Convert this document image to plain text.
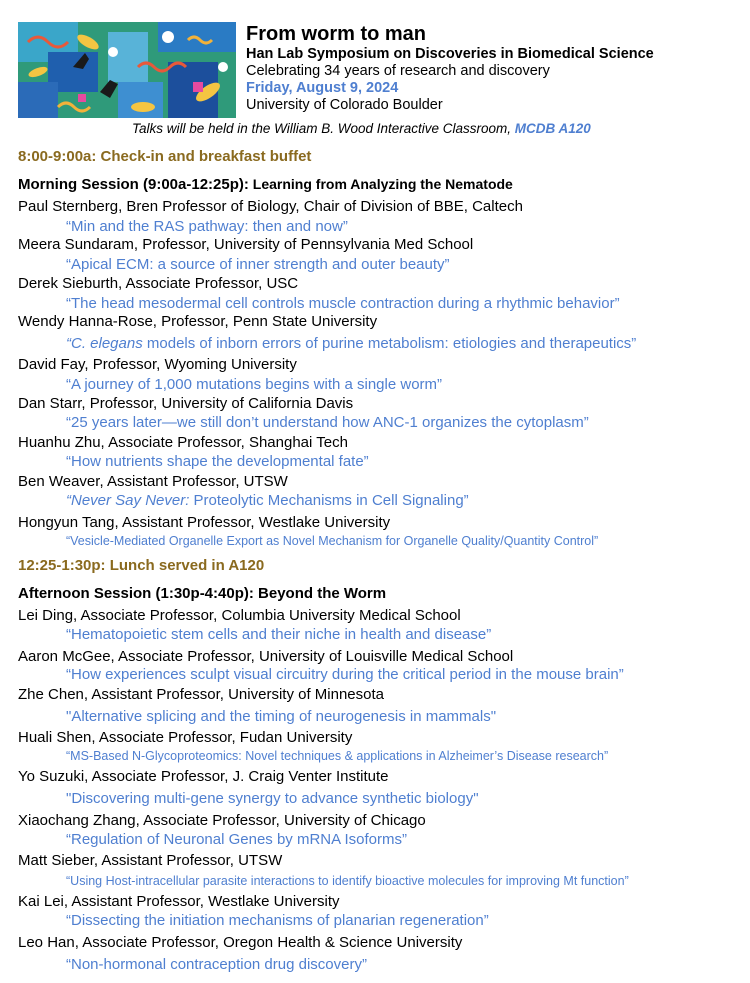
From worm to man
Han Lab Symposium on Discoveries in Biomedical Science
Celebrating 34 years of research and discovery
Friday, August 9, 2024
University of Colorado Boulder
Talks will be held in the William B. Wood Interactive Classroom, MCDB A120
8:00-9:00a: Check-in and breakfast buffet
Morning Session (9:00a-12:25p): Learning from Analyzing the Nematode
Paul Sternberg, Bren Professor of Biology, Chair of Division of BBE, Caltech
“Min and the RAS pathway: then and now”
Meera Sundaram, Professor, University of Pennsylvania Med School
“Apical ECM: a source of inner strength and outer beauty”
Derek Sieburth, Associate Professor, USC
“The head mesodermal cell controls muscle contraction during a rhythmic behavior”
Wendy Hanna-Rose, Professor, Penn State University
“C. elegans models of inborn errors of purine metabolism: etiologies and therapeutics”
David Fay, Professor, Wyoming University
“A journey of 1,000 mutations begins with a single worm”
Dan Starr, Professor, University of California Davis
“25 years later—we still don’t understand how ANC-1 organizes the cytoplasm”
Huanhu Zhu, Associate Professor, Shanghai Tech
“How nutrients shape the developmental fate”
Ben Weaver, Assistant Professor, UTSW
“Never Say Never: Proteolytic Mechanisms in Cell Signaling”
Hongyun Tang, Assistant Professor, Westlake University
“Vesicle-Mediated Organelle Export as Novel Mechanism for Organelle Quality/Quantity Control”
12:25-1:30p: Lunch served in A120
Afternoon Session (1:30p-4:40p): Beyond the Worm
Lei Ding, Associate Professor, Columbia University Medical School
“Hematopoietic stem cells and their niche in health and disease”
Aaron McGee, Associate Professor, University of Louisville Medical School
“How experiences sculpt visual circuitry during the critical period in the mouse brain”
Zhe Chen, Assistant Professor, University of Minnesota
"Alternative splicing and the timing of neurogenesis in mammals"
Huali Shen, Associate Professor, Fudan University
“MS-Based N-Glycoproteomics: Novel techniques & applications in Alzheimer’s Disease research”
Yo Suzuki, Associate Professor, J. Craig Venter Institute
"Discovering multi-gene synergy to advance synthetic biology"
Xiaochang Zhang, Associate Professor, University of Chicago
“Regulation of Neuronal Genes by mRNA Isoforms”
Matt Sieber, Assistant Professor, UTSW
“Using Host-intracellular parasite interactions to identify bioactive molecules for improving Mt function”
Kai Lei, Assistant Professor, Westlake University
“Dissecting the initiation mechanisms of planarian regeneration”
Leo Han, Associate Professor, Oregon Health & Science University
“Non-hormonal contraception drug discovery”
